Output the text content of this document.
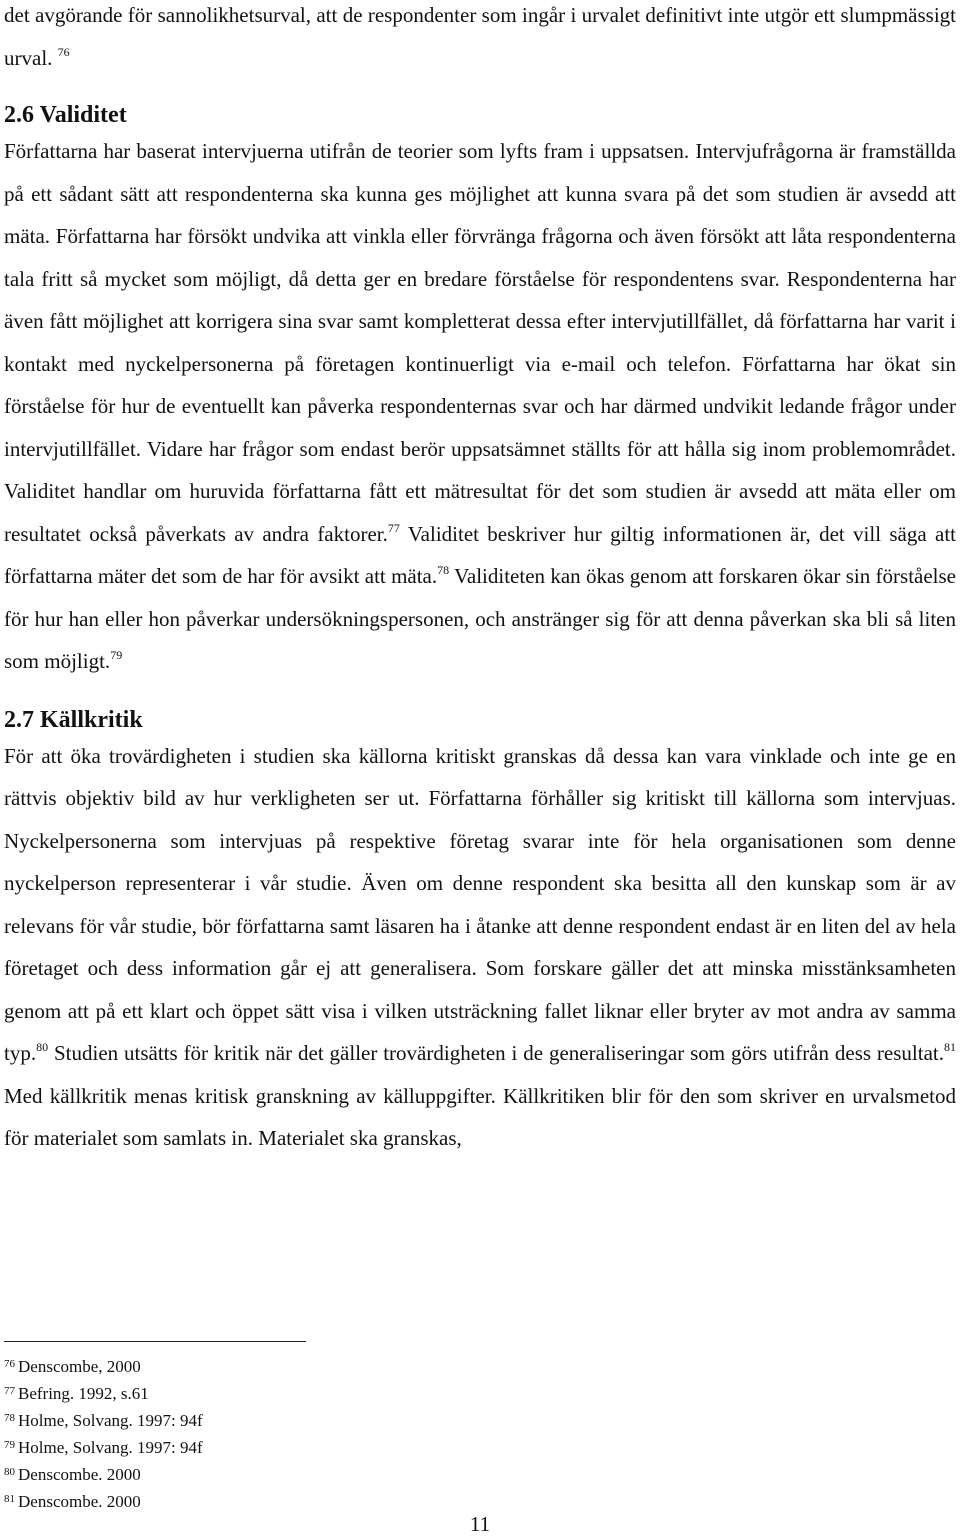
det avgörande för sannolikhetsurval, att de respondenter som ingår i urvalet definitivt inte utgör ett slumpmässigt urval. $^{76}$

2.6 Validitet

Författarna har baserat intervjuerna utifrån de teorier som lyfts fram i uppsatsen. Intervjufrågorna är framställda på ett sådant sätt att respondenterna ska kunna ges möjlighet att kunna svara på det som studien är avsedd att mäta. Författarna har försökt undvika att vinkla eller förvränga frågorna och även försökt att låta respondenterna tala fritt så mycket som möjligt, då detta ger en bredare förståelse för respondentens svar. Respondenterna har även fått möjlighet att korrigera sina svar samt kompletterat dessa efter intervjutillfället, då författarna har varit i kontakt med nyckelpersonerna på företagen kontinuerligt via e-mail och telefon. Författarna har ökat sin förståelse för hur de eventuellt kan påverka respondenternas svar och har därmed undvikit ledande frågor under intervjutillfället. Vidare har frågor som endast berör uppsatsämnet ställts för att hålla sig inom problemområdet. Validitet handlar om huruvida författarna fått ett mätresultat för det som studien är avsedd att mäta eller om resultatet också påverkats av andra faktorer.$^{77}$ Validitet beskriver hur giltig informationen är, det vill säga att författarna mäter det som de har för avsikt att mäta.$^{78}$ Validiteten kan ökas genom att forskaren ökar sin förståelse för hur han eller hon påverkar undersökningspersonen, och anstränger sig för att denna påverkan ska bli så liten som möjligt.$^{79}$

2.7 Källkritik

För att öka trovärdigheten i studien ska källorna kritiskt granskas då dessa kan vara vinklade och inte ge en rättvis objektiv bild av hur verkligheten ser ut. Författarna förhåller sig kritiskt till källorna som intervjuas. Nyckelpersonerna som intervjuas på respektive företag svarar inte för hela organisationen som denne nyckelperson representerar i vår studie. Även om denne respondent ska besitta all den kunskap som är av relevans för vår studie, bör författarna samt läsaren ha i åtanke att denne respondent endast är en liten del av hela företaget och dess information går ej att generalisera. Som forskare gäller det att minska misstänksamheten genom att på ett klart och öppet sätt visa i vilken utsträckning fallet liknar eller bryter av mot andra av samma typ.$^{80}$ Studien utsätts för kritik när det gäller trovärdigheten i de generaliseringar som görs utifrån dess resultat.$^{81}$ Med källkritik menas kritisk granskning av källuppgifter. Källkritiken blir för den som skriver en urvalsmetod för materialet som samlats in. Materialet ska granskas,

$^{76}$ Denscombe, 2000

$^{77}$ Befring. 1992, s.61

$^{78}$ Holme, Solvang. 1997: 94f

$^{79}$ Holme, Solvang. 1997: 94f

$^{80}$ Denscombe. 2000

$^{81}$ Denscombe. 2000

11
